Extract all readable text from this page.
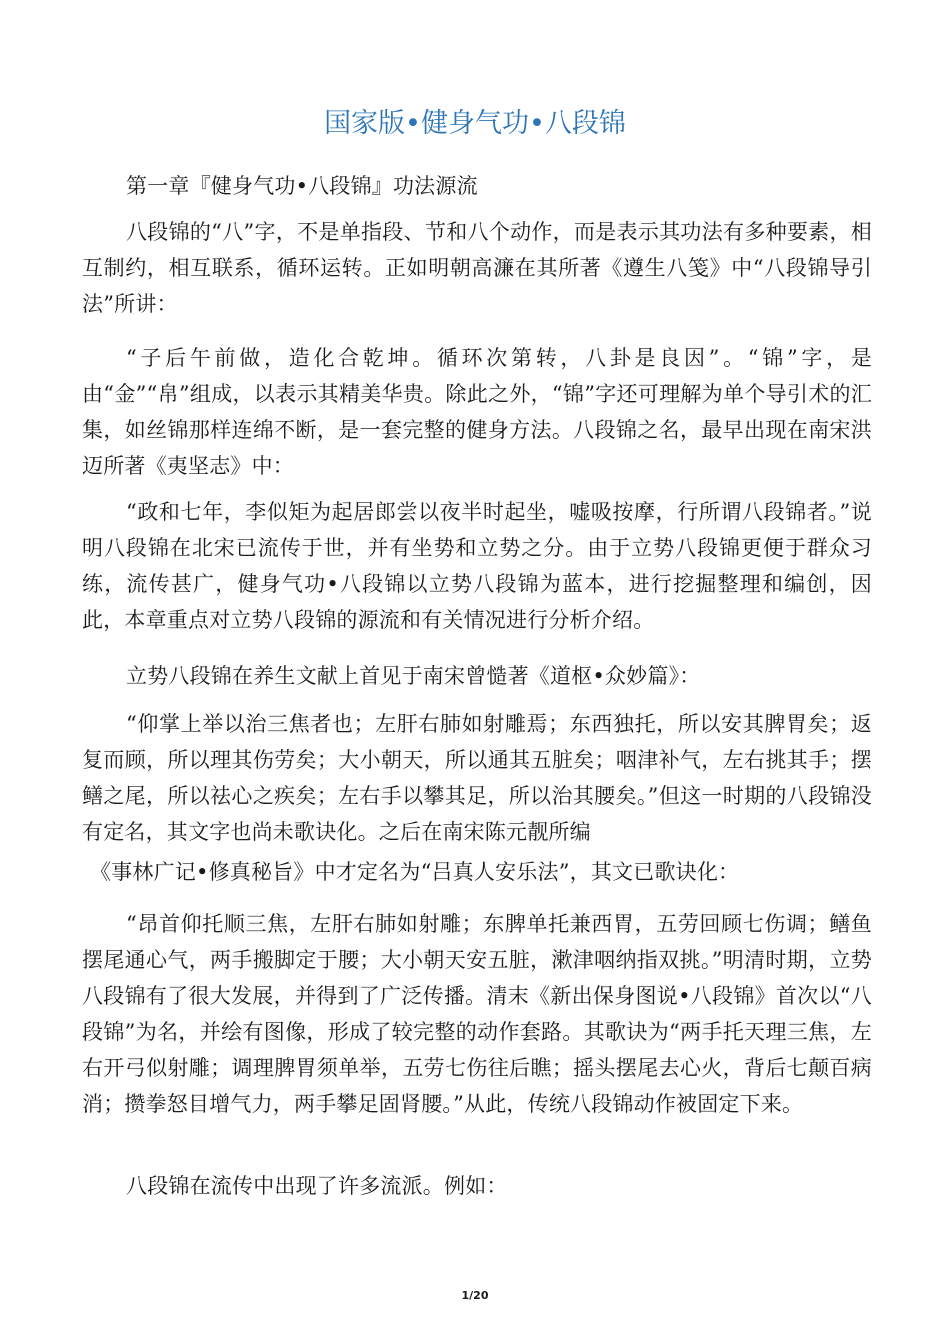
国家版•健身气功•八段锦

第一章『健身气功•八段锦』功法源流

八段锦的“八”字，不是单指段、节和八个动作，而是表示其功法有多种要素，相互制约，相互联系，循环运转。正如明朝高濂在其所著《遵生八笺》中“八段锦导引法”所讲：

“子后午前做，造化合乾坤。循环次第转，八卦是良因”。“锦”字，是由“金”“帛”组成，以表示其精美华贵。除此之外，“锦”字还可理解为单个导引术的汇集，如丝锦那样连绵不断，是一套完整的健身方法。八段锦之名，最早出现在南宋洪迈所著《夷坚志》中：

“政和七年，李似矩为起居郎尝以夜半时起坐，嘘吸按摩，行所谓八段锦者。”说明八段锦在北宋已流传于世，并有坐势和立势之分。由于立势八段锦更便于群众习练，流传甚广，健身气功•八段锦以立势八段锦为蓝本，进行挖掘整理和编创，因此，本章重点对立势八段锦的源流和有关情况进行分析介绍。

立势八段锦在养生文献上首见于南宋曾慥著《道枢•众妙篇》：

“仰掌上举以治三焦者也；左肝右肺如射雕焉；东西独托，所以安其脾胃矣；返复而顾，所以理其伤劳矣；大小朝天，所以通其五脏矣；咽津补气，左右挑其手；摆鳝之尾，所以祛心之疾矣；左右手以攀其足，所以治其腰矣。”但这一时期的八段锦没有定名，其文字也尚未歌诀化。之后在南宋陈元靓所编

《事林广记•修真秘旨》中才定名为“吕真人安乐法”，其文已歌诀化：

“昂首仰托顺三焦，左肝右肺如射雕；东脾单托兼西胃，五劳回顾七伤调；鳝鱼摆尾通心气，两手搬脚定于腰；大小朝天安五脏，漱津咽纳指双挑。”明清时期，立势八段锦有了很大发展，并得到了广泛传播。清末《新出保身图说•八段锦》首次以“八段锦”为名，并绘有图像，形成了较完整的动作套路。其歌诀为“两手托天理三焦，左右开弓似射雕；调理脾胃须单举，五劳七伤往后瞧；摇头摆尾去心火，背后七颠百病消；攒拳怒目增气力，两手攀足固肾腰。”从此，传统八段锦动作被固定下来。

八段锦在流传中出现了许多流派。例如：

1/20
